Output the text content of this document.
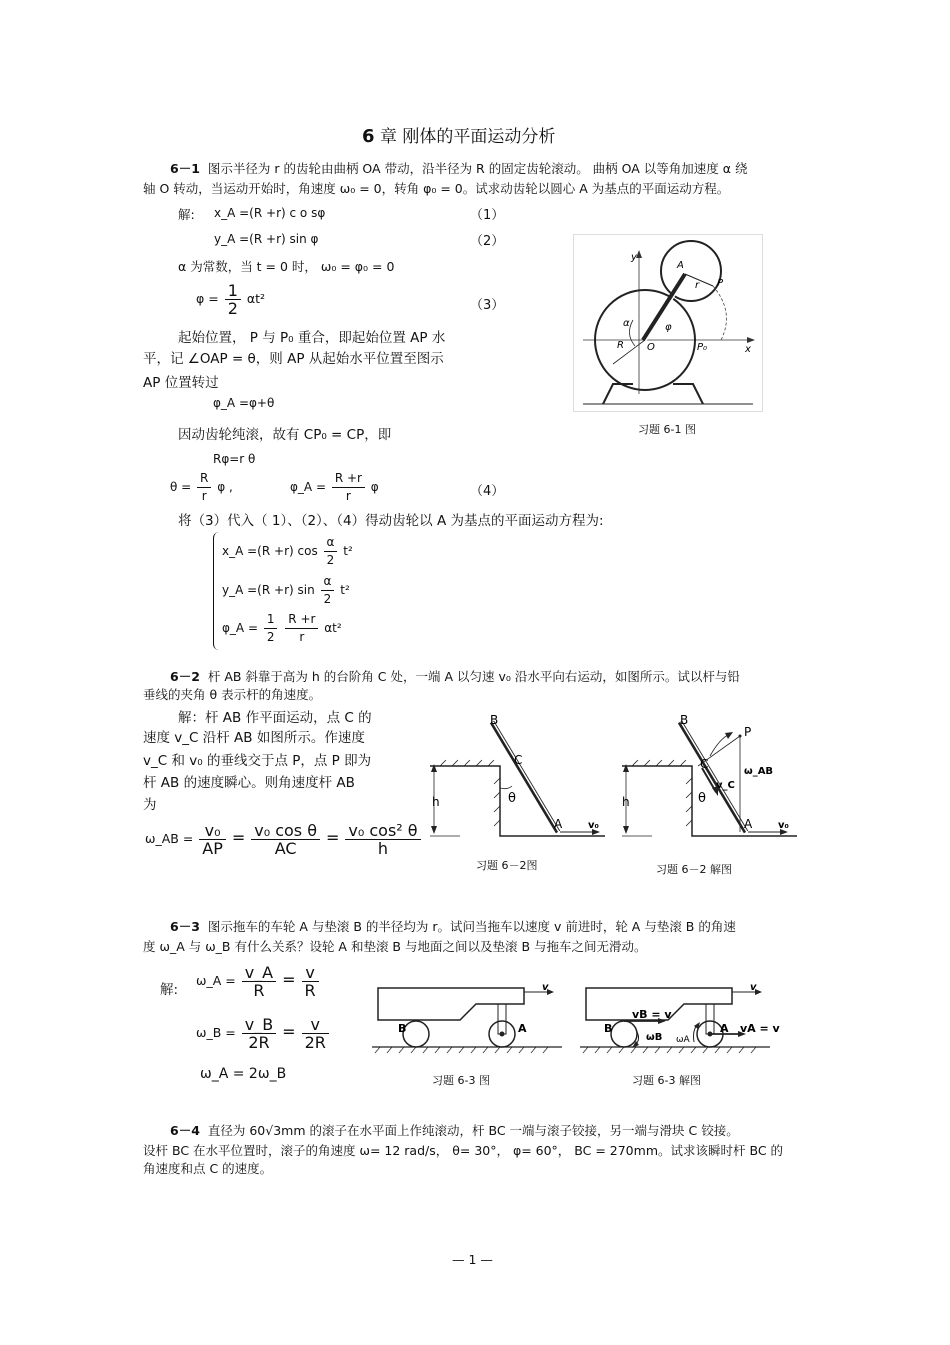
6 章 刚体的平面运动分析
6－1 图示半径为 r 的齿轮由曲柄 OA 带动，沿半径为 R 的固定齿轮滚动。 曲柄 OA 以等角加速度 α 绕
轴 O 转动，当运动开始时，角速度 ω₀ = 0，转角 φ₀ = 0。试求动齿轮以圆心 A 为基点的平面运动方程。
解: x_A =(R +r) c o sφ	（1）
y_A =(R +r) sin φ	（2）
α 为常数，当 t = 0 时， ω₀ = φ₀ = 0
$\varphi = \frac{1}{2} \alpha t^2$	（3）
起始位置， P 与 P₀ 重合，即起始位置 AP 水
平，记 ∠OAP = θ，则 AP 从起始水平位置至图示
AP 位置转过
φ_A =φ+θ
因动齿轮纯滚，故有 CP₀ = CP，即
Rφ=r θ
$\theta = \frac{R}{r}$ φ ,	φ_A = $\frac{R +r}{r}$ φ	（4）
将（3）代入（ 1）、（2）、（4）得动齿轮以 A 为基点的平面运动方程为:
x_A =(R +r) $\cos \frac{\alpha}{2} t^2$
y_A =(R +r) $\sin \frac{\alpha}{2} t^2$
φ_A = $\frac{1}{2}$
$\frac{R +r}{r} \alpha t^2$
y
x
A
r P
α	φ
R O	P₀
习题 6-1 图
6－2 杆 AB 斜靠于高为 h 的台阶角 C 处，一端 A 以匀速 v₀ 沿水平向右运动，如图所示。试以杆与铅
垂线的夹角 θ 表示杆的角速度。
解：杆 AB 作平面运动，点 C 的
速度 v_C 沿杆 AB 如图所示。作速度
v_C 和 v₀ 的垂线交于点 P，点 P 即为
杆 AB 的速度瞬心。则角速度杆 AB
为
ω_AB = $\frac{\text{v₀}}{AP} = \frac{\text{v₀ cos θ}}{AC} = \frac{\text{v₀ cos² θ}}{h}$
B
C
h	θ
A	v₀
习题 6－2图
B
P
C
ω_AB
v_C
h	θ
A	v₀
习题 6－2 解图
6－3 图示拖车的车轮 A 与垫滚 B 的半径均为 r。试问当拖车以速度 v 前进时，轮 A 与垫滚 B 的角速
度 ω_A 与 ω_B 有什么关系？设轮 A 和垫滚 B 与地面之间以及垫滚 B 与拖车之间无滑动。
解:
ω_A = $\frac{v\_A}{R} = \frac{v}{R}$
ω_B = $\frac{v\_B}{2R} = \frac{v}{2R}$
ω_A = 2ω_B
v
B	A
习题 6-3 图
v
vB = v
B	A vA = v
ωB ωA
习题 6-3 解图
6－4 直径为 60√3mm 的滚子在水平面上作纯滚动，杆 BC 一端与滚子铰接，另一端与滑块 C 铰接。
设杆 BC 在水平位置时，滚子的角速度 ω= 12 rad/s， θ= 30°， φ= 60°， BC = 270mm。试求该瞬时杆 BC 的
角速度和点 C 的速度。
— 1 —
